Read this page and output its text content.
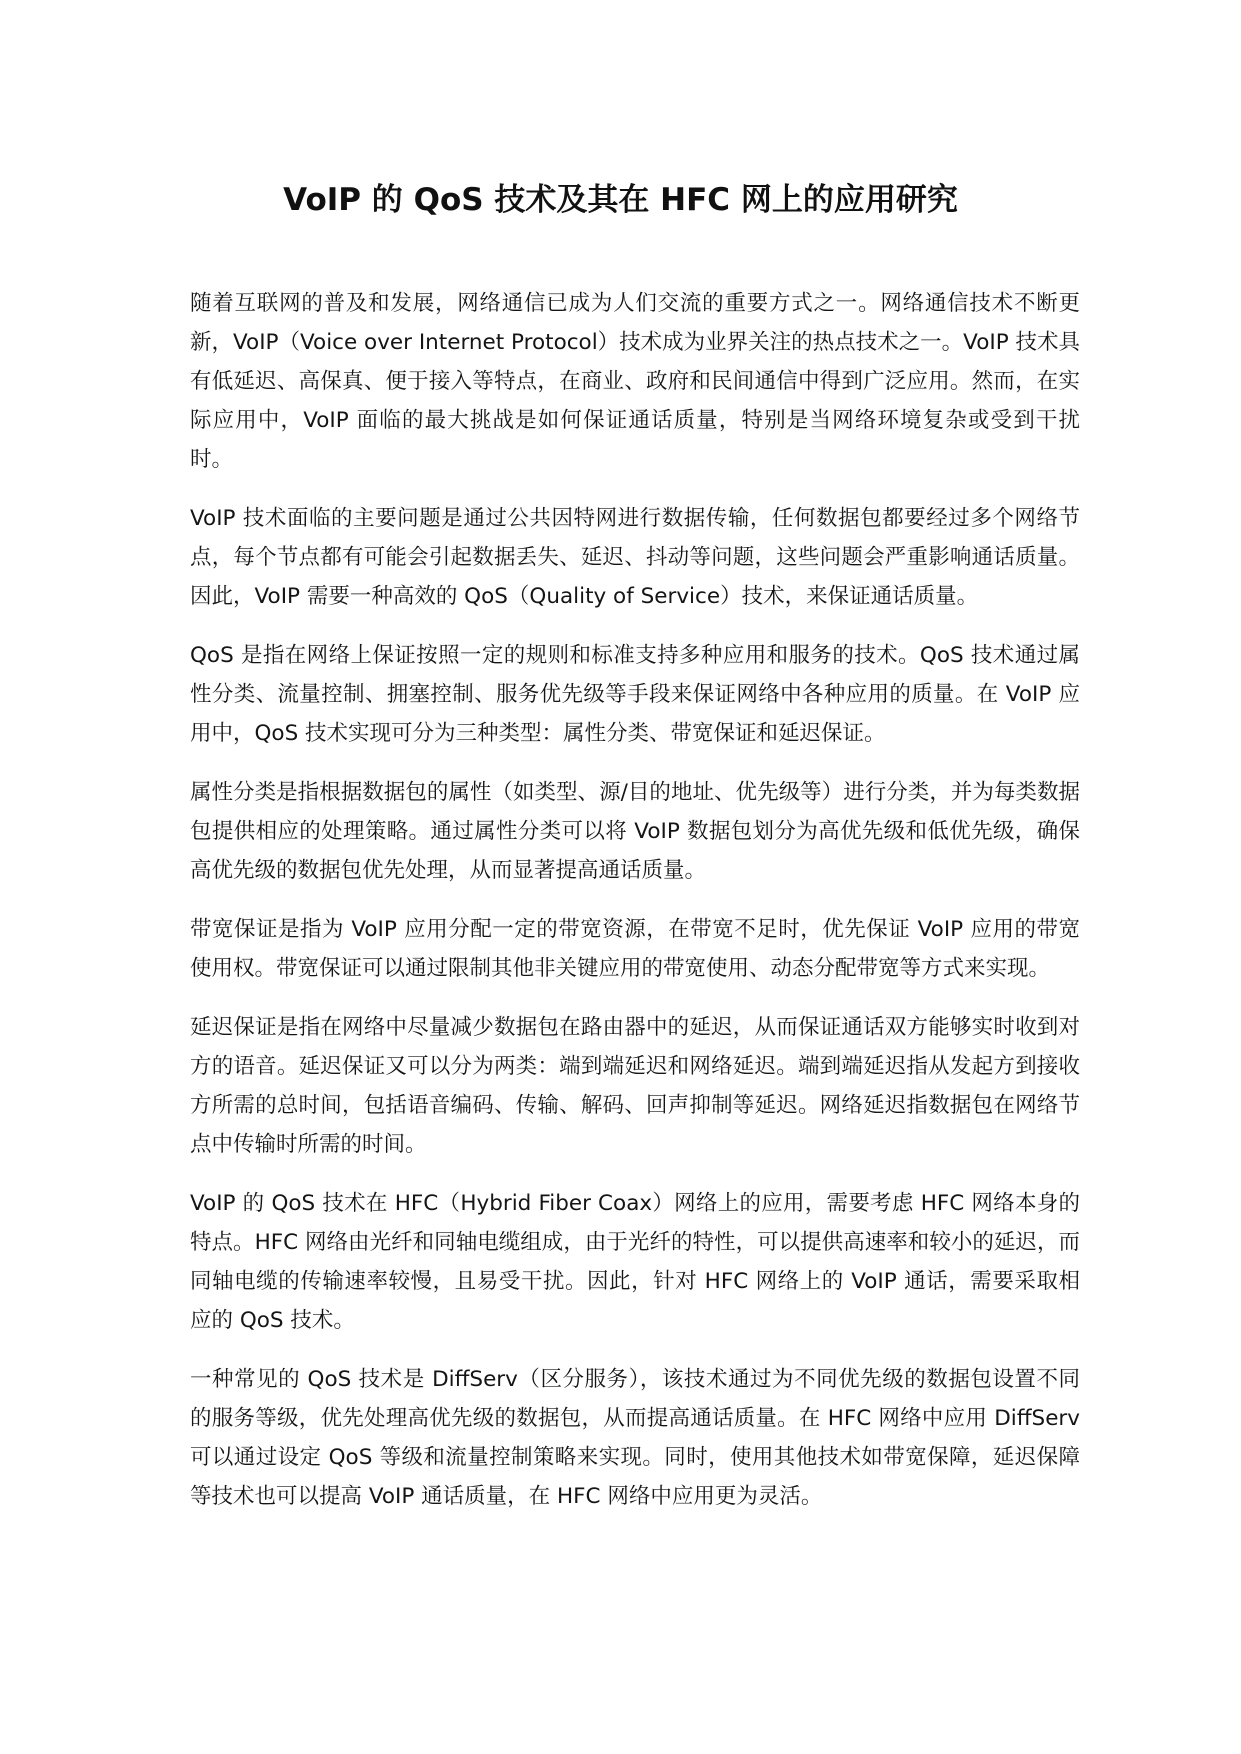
VoIP 的 QoS 技术及其在 HFC 网上的应用研究

随着互联网的普及和发展，网络通信已成为人们交流的重要方式之一。网络通信技术不断更新，VoIP（Voice over Internet Protocol）技术成为业界关注的热点技术之一。VoIP 技术具有低延迟、高保真、便于接入等特点，在商业、政府和民间通信中得到广泛应用。然而，在实际应用中，VoIP 面临的最大挑战是如何保证通话质量，特别是当网络环境复杂或受到干扰时。

VoIP 技术面临的主要问题是通过公共因特网进行数据传输，任何数据包都要经过多个网络节点，每个节点都有可能会引起数据丢失、延迟、抖动等问题，这些问题会严重影响通话质量。因此，VoIP 需要一种高效的 QoS（Quality of Service）技术，来保证通话质量。

QoS 是指在网络上保证按照一定的规则和标准支持多种应用和服务的技术。QoS 技术通过属性分类、流量控制、拥塞控制、服务优先级等手段来保证网络中各种应用的质量。在 VoIP 应用中，QoS 技术实现可分为三种类型：属性分类、带宽保证和延迟保证。

属性分类是指根据数据包的属性（如类型、源/目的地址、优先级等）进行分类，并为每类数据包提供相应的处理策略。通过属性分类可以将 VoIP 数据包划分为高优先级和低优先级，确保高优先级的数据包优先处理，从而显著提高通话质量。

带宽保证是指为 VoIP 应用分配一定的带宽资源，在带宽不足时，优先保证 VoIP 应用的带宽使用权。带宽保证可以通过限制其他非关键应用的带宽使用、动态分配带宽等方式来实现。

延迟保证是指在网络中尽量减少数据包在路由器中的延迟，从而保证通话双方能够实时收到对方的语音。延迟保证又可以分为两类：端到端延迟和网络延迟。端到端延迟指从发起方到接收方所需的总时间，包括语音编码、传输、解码、回声抑制等延迟。网络延迟指数据包在网络节点中传输时所需的时间。

VoIP 的 QoS 技术在 HFC（Hybrid Fiber Coax）网络上的应用，需要考虑 HFC 网络本身的特点。HFC 网络由光纤和同轴电缆组成，由于光纤的特性，可以提供高速率和较小的延迟，而同轴电缆的传输速率较慢，且易受干扰。因此，针对 HFC 网络上的 VoIP 通话，需要采取相应的 QoS 技术。

一种常见的 QoS 技术是 DiffServ（区分服务），该技术通过为不同优先级的数据包设置不同的服务等级，优先处理高优先级的数据包，从而提高通话质量。在 HFC 网络中应用 DiffServ 可以通过设定 QoS 等级和流量控制策略来实现。同时，使用其他技术如带宽保障，延迟保障等技术也可以提高 VoIP 通话质量，在 HFC 网络中应用更为灵活。
